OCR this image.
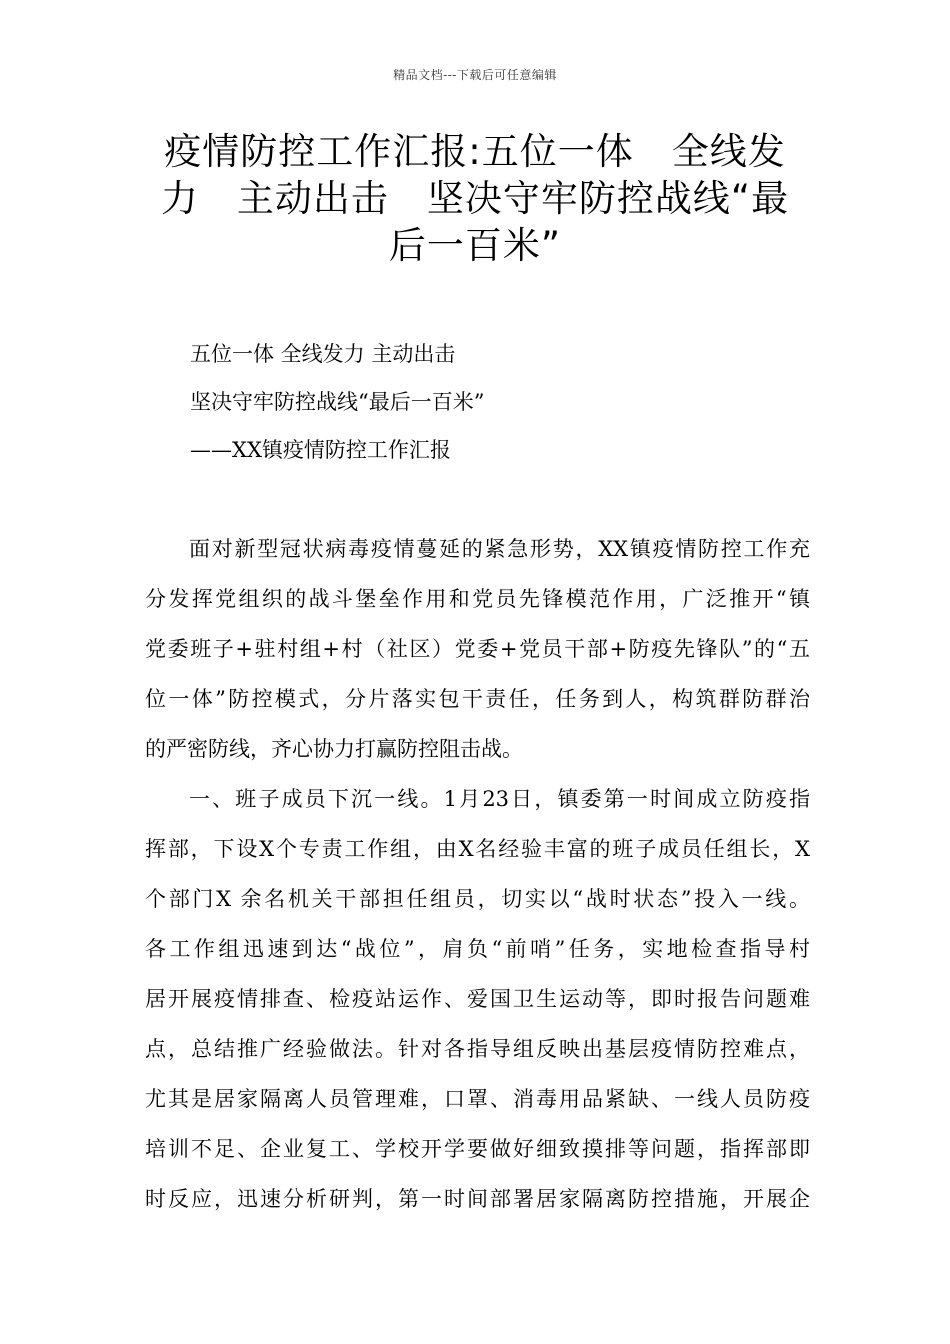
精品文档---下载后可任意编辑
疫情防控工作汇报:五位一体　全线发
力　主动出击　坚决守牢防控战线“最
后一百米”
五位一体 全线发力 主动出击
坚决守牢防控战线“最后一百米”
——XX镇疫情防控工作汇报
面对新型冠状病毒疫情蔓延的紧急形势，XX镇疫情防控工作充
分发挥党组织的战斗堡垒作用和党员先锋模范作用，广泛推开“镇
党委班子+驻村组+村（社区）党委+党员干部+防疫先锋队”的“五
位一体”防控模式，分片落实包干责任，任务到人，构筑群防群治
的严密防线，齐心协力打赢防控阻击战。
一、班子成员下沉一线。1月23日，镇委第一时间成立防疫指
挥部，下设X个专责工作组，由X名经验丰富的班子成员任组长，X
个部门X 余名机关干部担任组员，切实以“战时状态”投入一线。
各工作组迅速到达“战位”，肩负“前哨”任务，实地检查指导村
居开展疫情排查、检疫站运作、爱国卫生运动等，即时报告问题难
点，总结推广经验做法。针对各指导组反映出基层疫情防控难点，
尤其是居家隔离人员管理难，口罩、消毒用品紧缺、一线人员防疫
培训不足、企业复工、学校开学要做好细致摸排等问题，指挥部即
时反应，迅速分析研判，第一时间部署居家隔离防控措施，开展企
